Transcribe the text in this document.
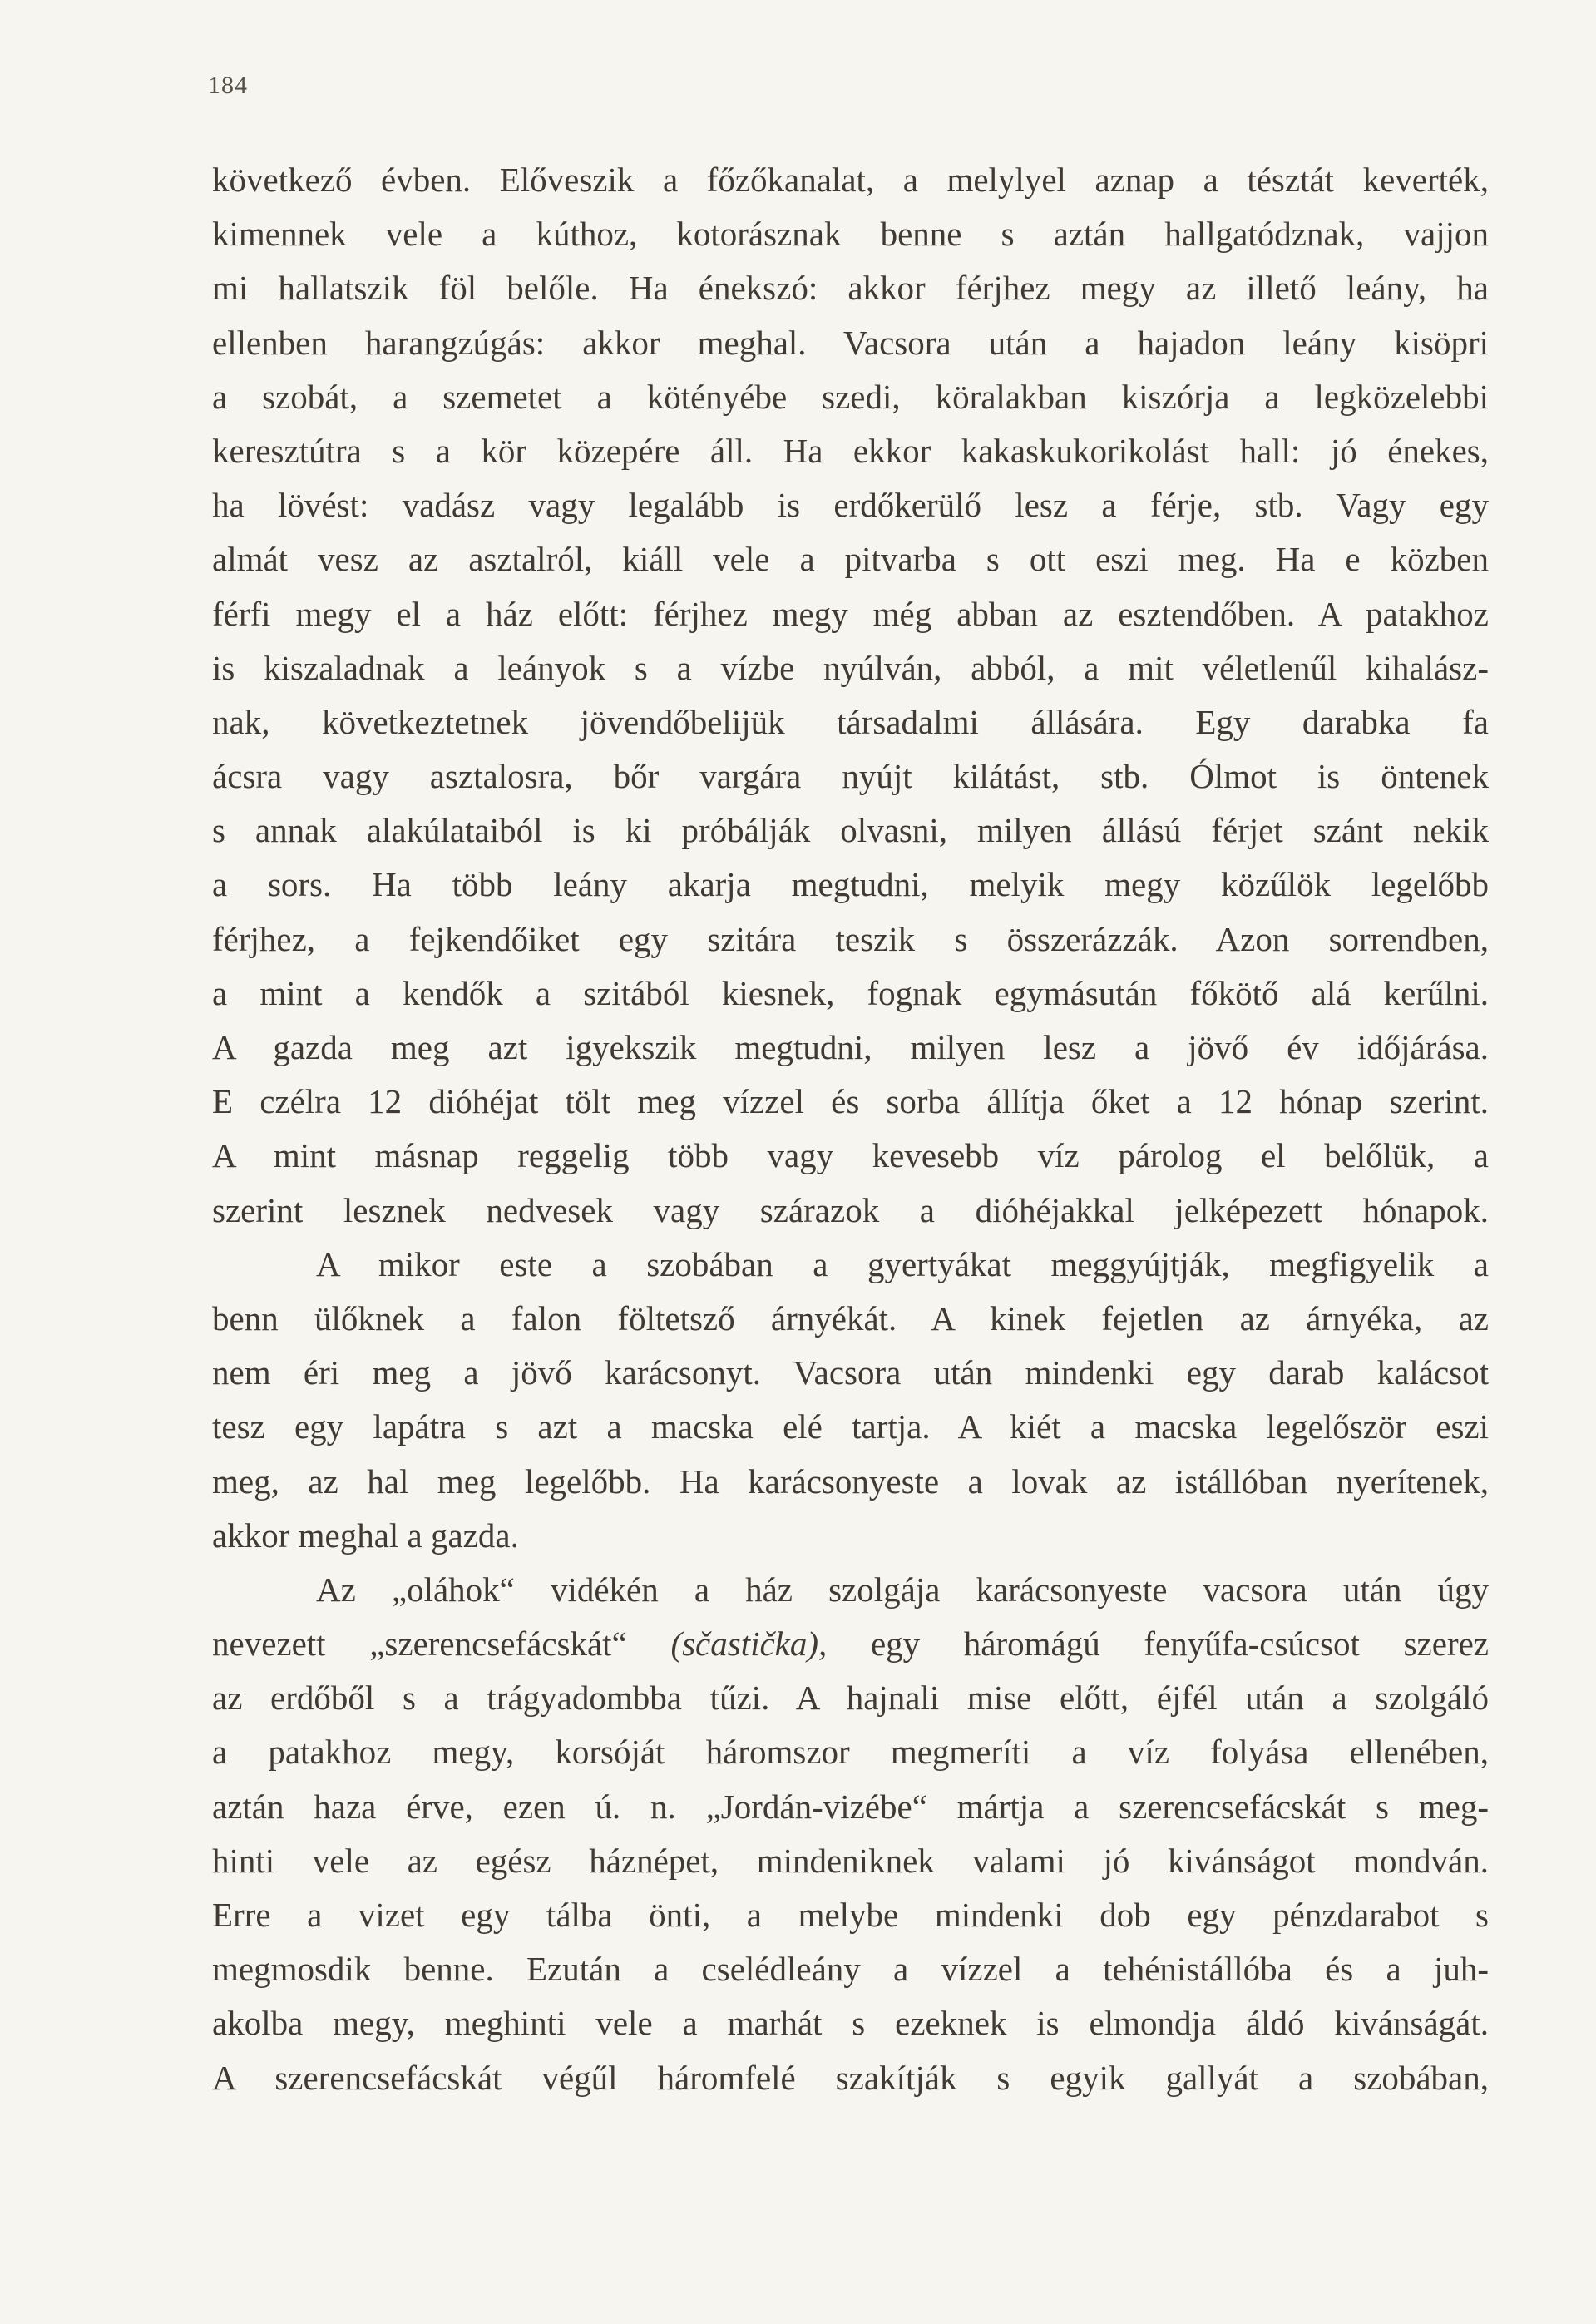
184
következő évben. Előveszik a főzőkanalat, a melylyel aznap a tésztát keverték,
kimennek vele a kúthoz, kotorásznak benne s aztán hallgatódznak, vajjon
mi hallatszik föl belőle. Ha énekszó: akkor férjhez megy az illető leány, ha
ellenben harangzúgás: akkor meghal. Vacsora után a hajadon leány kisöpri
a szobát, a szemetet a kötényébe szedi, köralakban kiszórja a legközelebbi
keresztútra s a kör közepére áll. Ha ekkor kakaskukorikolást hall: jó énekes,
ha lövést: vadász vagy legalább is erdőkerülő lesz a férje, stb. Vagy egy
almát vesz az asztalról, kiáll vele a pitvarba s ott eszi meg. Ha e közben
férfi megy el a ház előtt: férjhez megy még abban az esztendőben. A patakhoz
is kiszaladnak a leányok s a vízbe nyúlván, abból, a mit véletlenűl kihalász-
nak, következtetnek jövendőbelijük társadalmi állására. Egy darabka fa
ácsra vagy asztalosra, bőr vargára nyújt kilátást, stb. Ólmot is öntenek
s annak alakúlataiból is ki próbálják olvasni, milyen állású férjet szánt nekik
a sors. Ha több leány akarja megtudni, melyik megy közűlök legelőbb
férjhez, a fejkendőiket egy szitára teszik s összerázzák. Azon sorrendben,
a mint a kendők a szitából kiesnek, fognak egymásután főkötő alá kerűlni.
A gazda meg azt igyekszik megtudni, milyen lesz a jövő év időjárása.
E czélra 12 dióhéjat tölt meg vízzel és sorba állítja őket a 12 hónap szerint.
A mint másnap reggelig több vagy kevesebb víz párolog el belőlük, a
szerint lesznek nedvesek vagy szárazok a dióhéjakkal jelképezett hónapok.
A mikor este a szobában a gyertyákat meggyújtják, megfigyelik a
benn ülőknek a falon föltetsző árnyékát. A kinek fejetlen az árnyéka, az
nem éri meg a jövő karácsonyt. Vacsora után mindenki egy darab kalácsot
tesz egy lapátra s azt a macska elé tartja. A kiét a macska legelőször eszi
meg, az hal meg legelőbb. Ha karácsonyeste a lovak az istállóban nyerítenek,
akkor meghal a gazda.
Az „oláhok“ vidékén a ház szolgája karácsonyeste vacsora után úgy
nevezett „szerencsefácskát“ (sčastička), egy háromágú fenyűfa-csúcsot szerez
az erdőből s a trágyadombba tűzi. A hajnali mise előtt, éjfél után a szolgáló
a patakhoz megy, korsóját háromszor megmeríti a víz folyása ellenében,
aztán haza érve, ezen ú. n. „Jordán-vizébe“ mártja a szerencsefácskát s meg-
hinti vele az egész háznépet, mindeniknek valami jó kivánságot mondván.
Erre a vizet egy tálba önti, a melybe mindenki dob egy pénzdarabot s
megmosdik benne. Ezután a cselédleány a vízzel a tehénistállóba és a juh-
akolba megy, meghinti vele a marhát s ezeknek is elmondja áldó kivánságát.
A szerencsefácskát végűl háromfelé szakítják s egyik gallyát a szobában,
